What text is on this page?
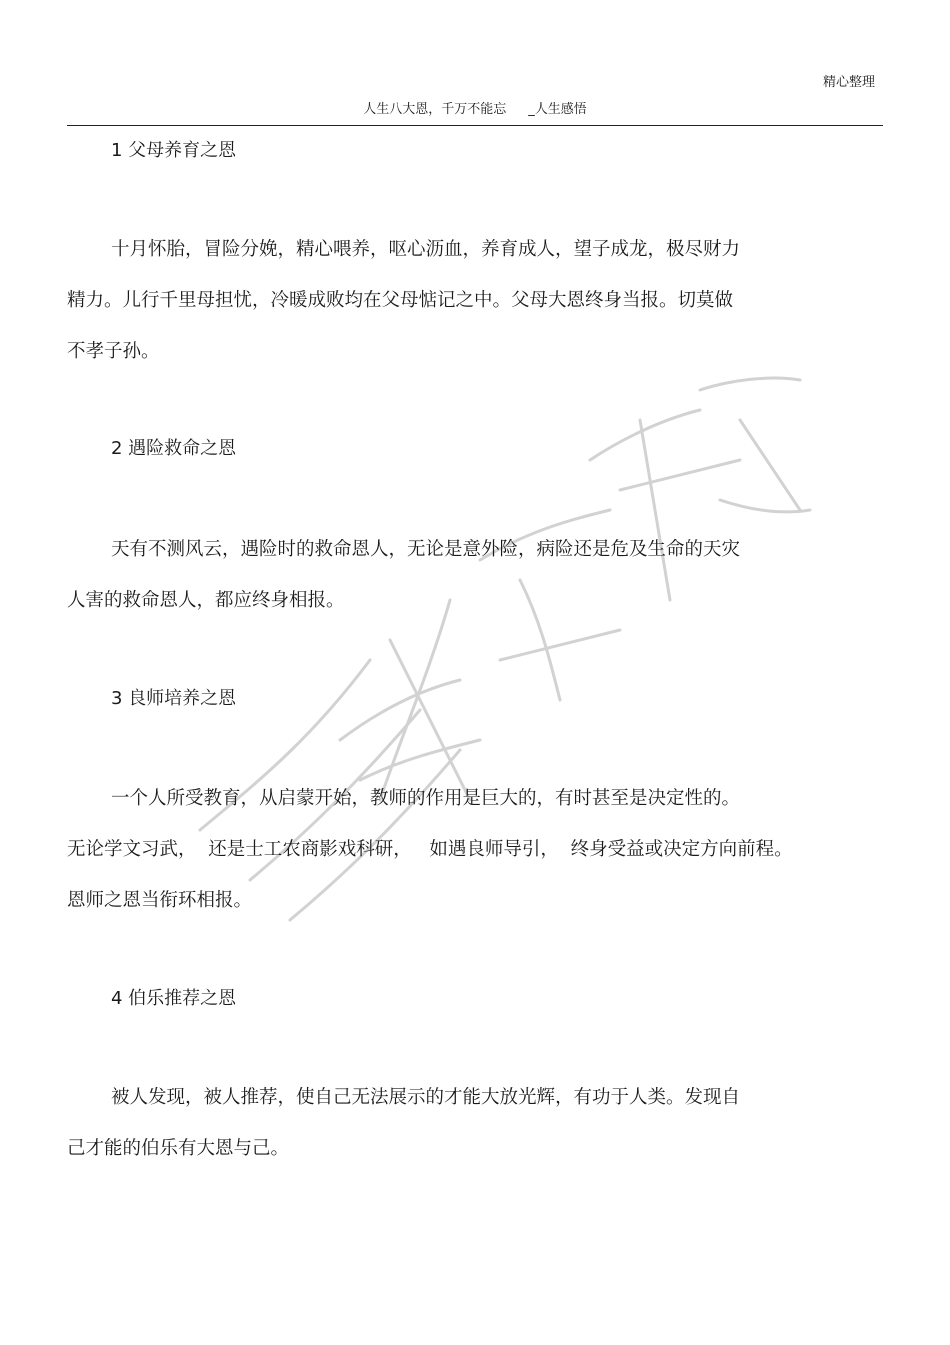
精心整理
人生八大恩，千万不能忘 _人生感悟
1 父母养育之恩
十月怀胎，冒险分娩，精心喂养，呕心沥血，养育成人，望子成龙，极尽财力
精力。儿行千里母担忧，冷暖成败均在父母惦记之中。父母大恩终身当报。切莫做
不孝子孙。
2 遇险救命之恩
天有不测风云，遇险时的救命恩人，无论是意外险，病险还是危及生命的天灾
人害的救命恩人，都应终身相报。
3 良师培养之恩
一个人所受教育，从启蒙开始，教师的作用是巨大的，有时甚至是决定性的。
无论学文习武，  还是士工农商影戏科研，   如遇良师导引，  终身受益或决定方向前程。
恩师之恩当衔环相报。
4 伯乐推荐之恩
被人发现，被人推荐，使自己无法展示的才能大放光辉，有功于人类。发现自
己才能的伯乐有大恩与己。
